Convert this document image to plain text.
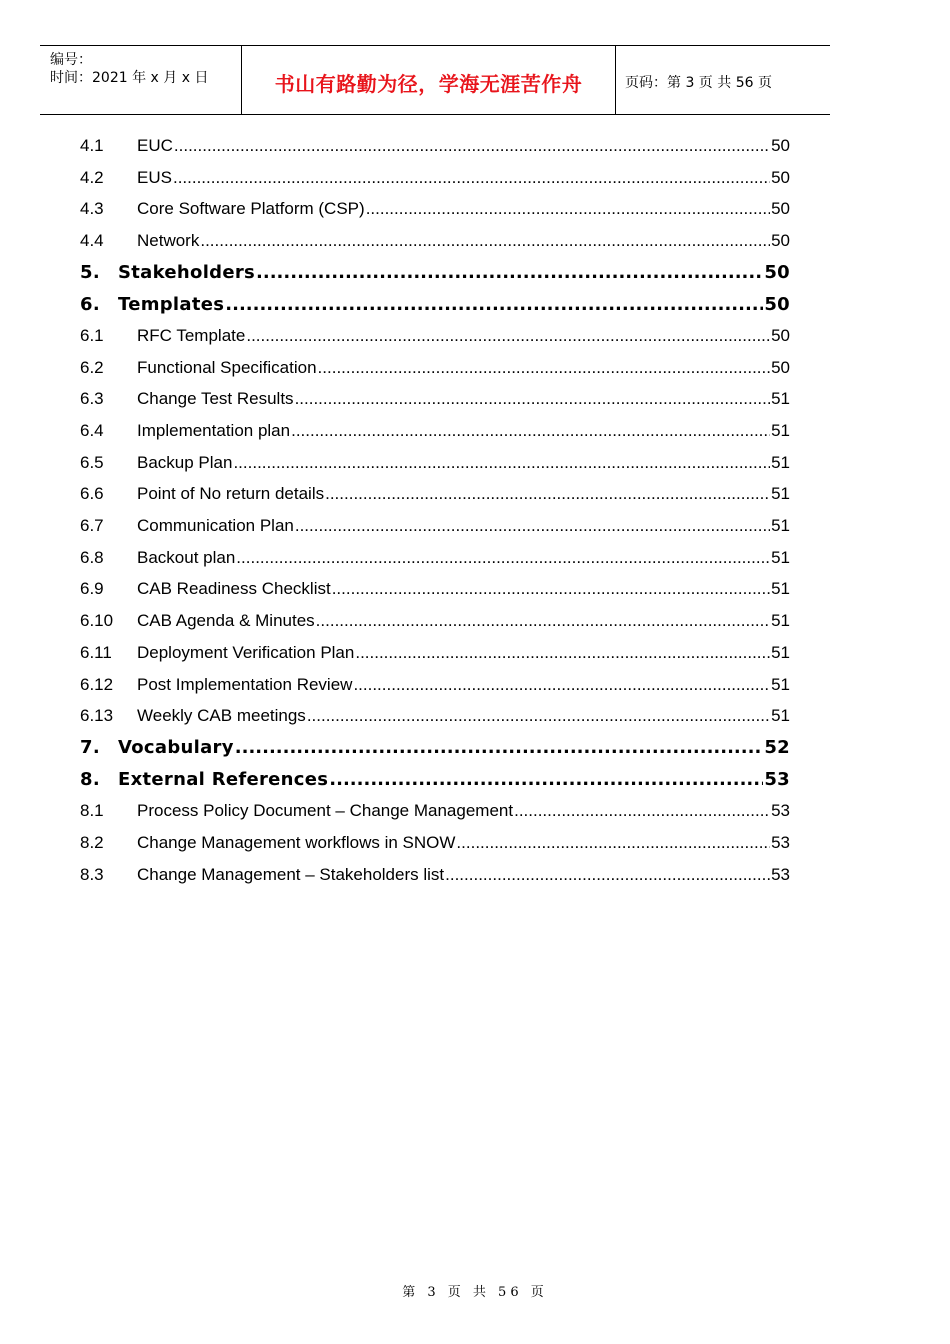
编号：
时间：2021 年 x 月 x 日	书山有路勤为径，学海无涯苦作舟	页码：第 3 页 共 56 页
4.1	EUC .....	50
4.2	EUS .....	50
4.3	Core Software Platform (CSP) .....	50
4.4	Network .....	50
5.	Stakeholders .....	50
6.	Templates .....	50
6.1	RFC Template .....	50
6.2	Functional Specification .....	50
6.3	Change Test Results .....	51
6.4	Implementation plan .....	51
6.5	Backup Plan .....	51
6.6	Point of No return details .....	51
6.7	Communication Plan .....	51
6.8	Backout plan .....	51
6.9	CAB Readiness Checklist .....	51
6.10	CAB Agenda & Minutes .....	51
6.11	Deployment Verification Plan .....	51
6.12	Post Implementation Review .....	51
6.13	Weekly CAB meetings .....	51
7.	Vocabulary .....	52
8.	External References .....	53
8.1	Process Policy Document – Change Management .....	53
8.2	Change Management workflows in SNOW .....	53
8.3	Change Management – Stakeholders list .....	53
第 3 页 共 56 页
